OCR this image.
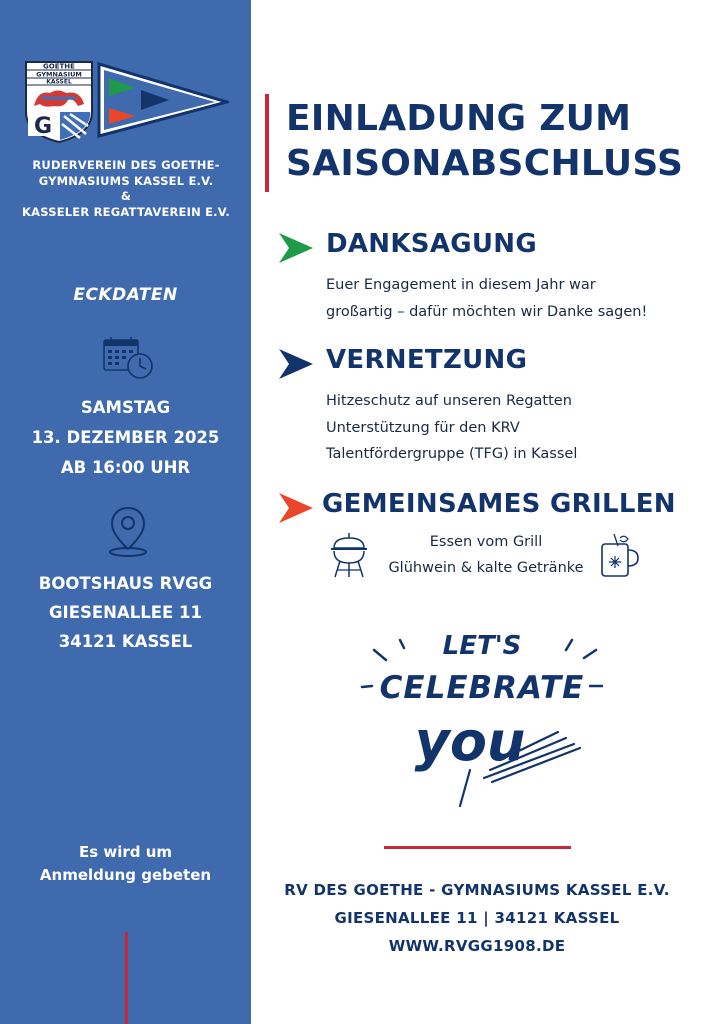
GOETHE
GYMNASIUM
KASSEL
G
RUDERVEREIN DES GOETHE-
GYMNASIUMS KASSEL E.V.
&
KASSELER REGATTAVEREIN E.V.
ECKDATEN
SAMSTAG
13. DEZEMBER 2025
AB 16:00 UHR
BOOTSHAUS RVGG
GIESENALLEE 11
34121 KASSEL
Es wird um
Anmeldung gebeten
EINLADUNG ZUM
SAISONABSCHLUSS
DANKSAGUNG
Euer Engagement in diesem Jahr war
großartig – dafür möchten wir Danke sagen!
VERNETZUNG
Hitzeschutz auf unseren Regatten
Unterstützung für den KRV
Talentfördergruppe (TFG) in Kassel
GEMEINSAMES GRILLEN
Essen vom Grill
Glühwein & kalte Getränke
LET'S
CELEBRATE
you
RV DES GOETHE - GYMNASIUMS KASSEL E.V.
GIESENALLEE 11 | 34121 KASSEL
WWW.RVGG1908.DE
